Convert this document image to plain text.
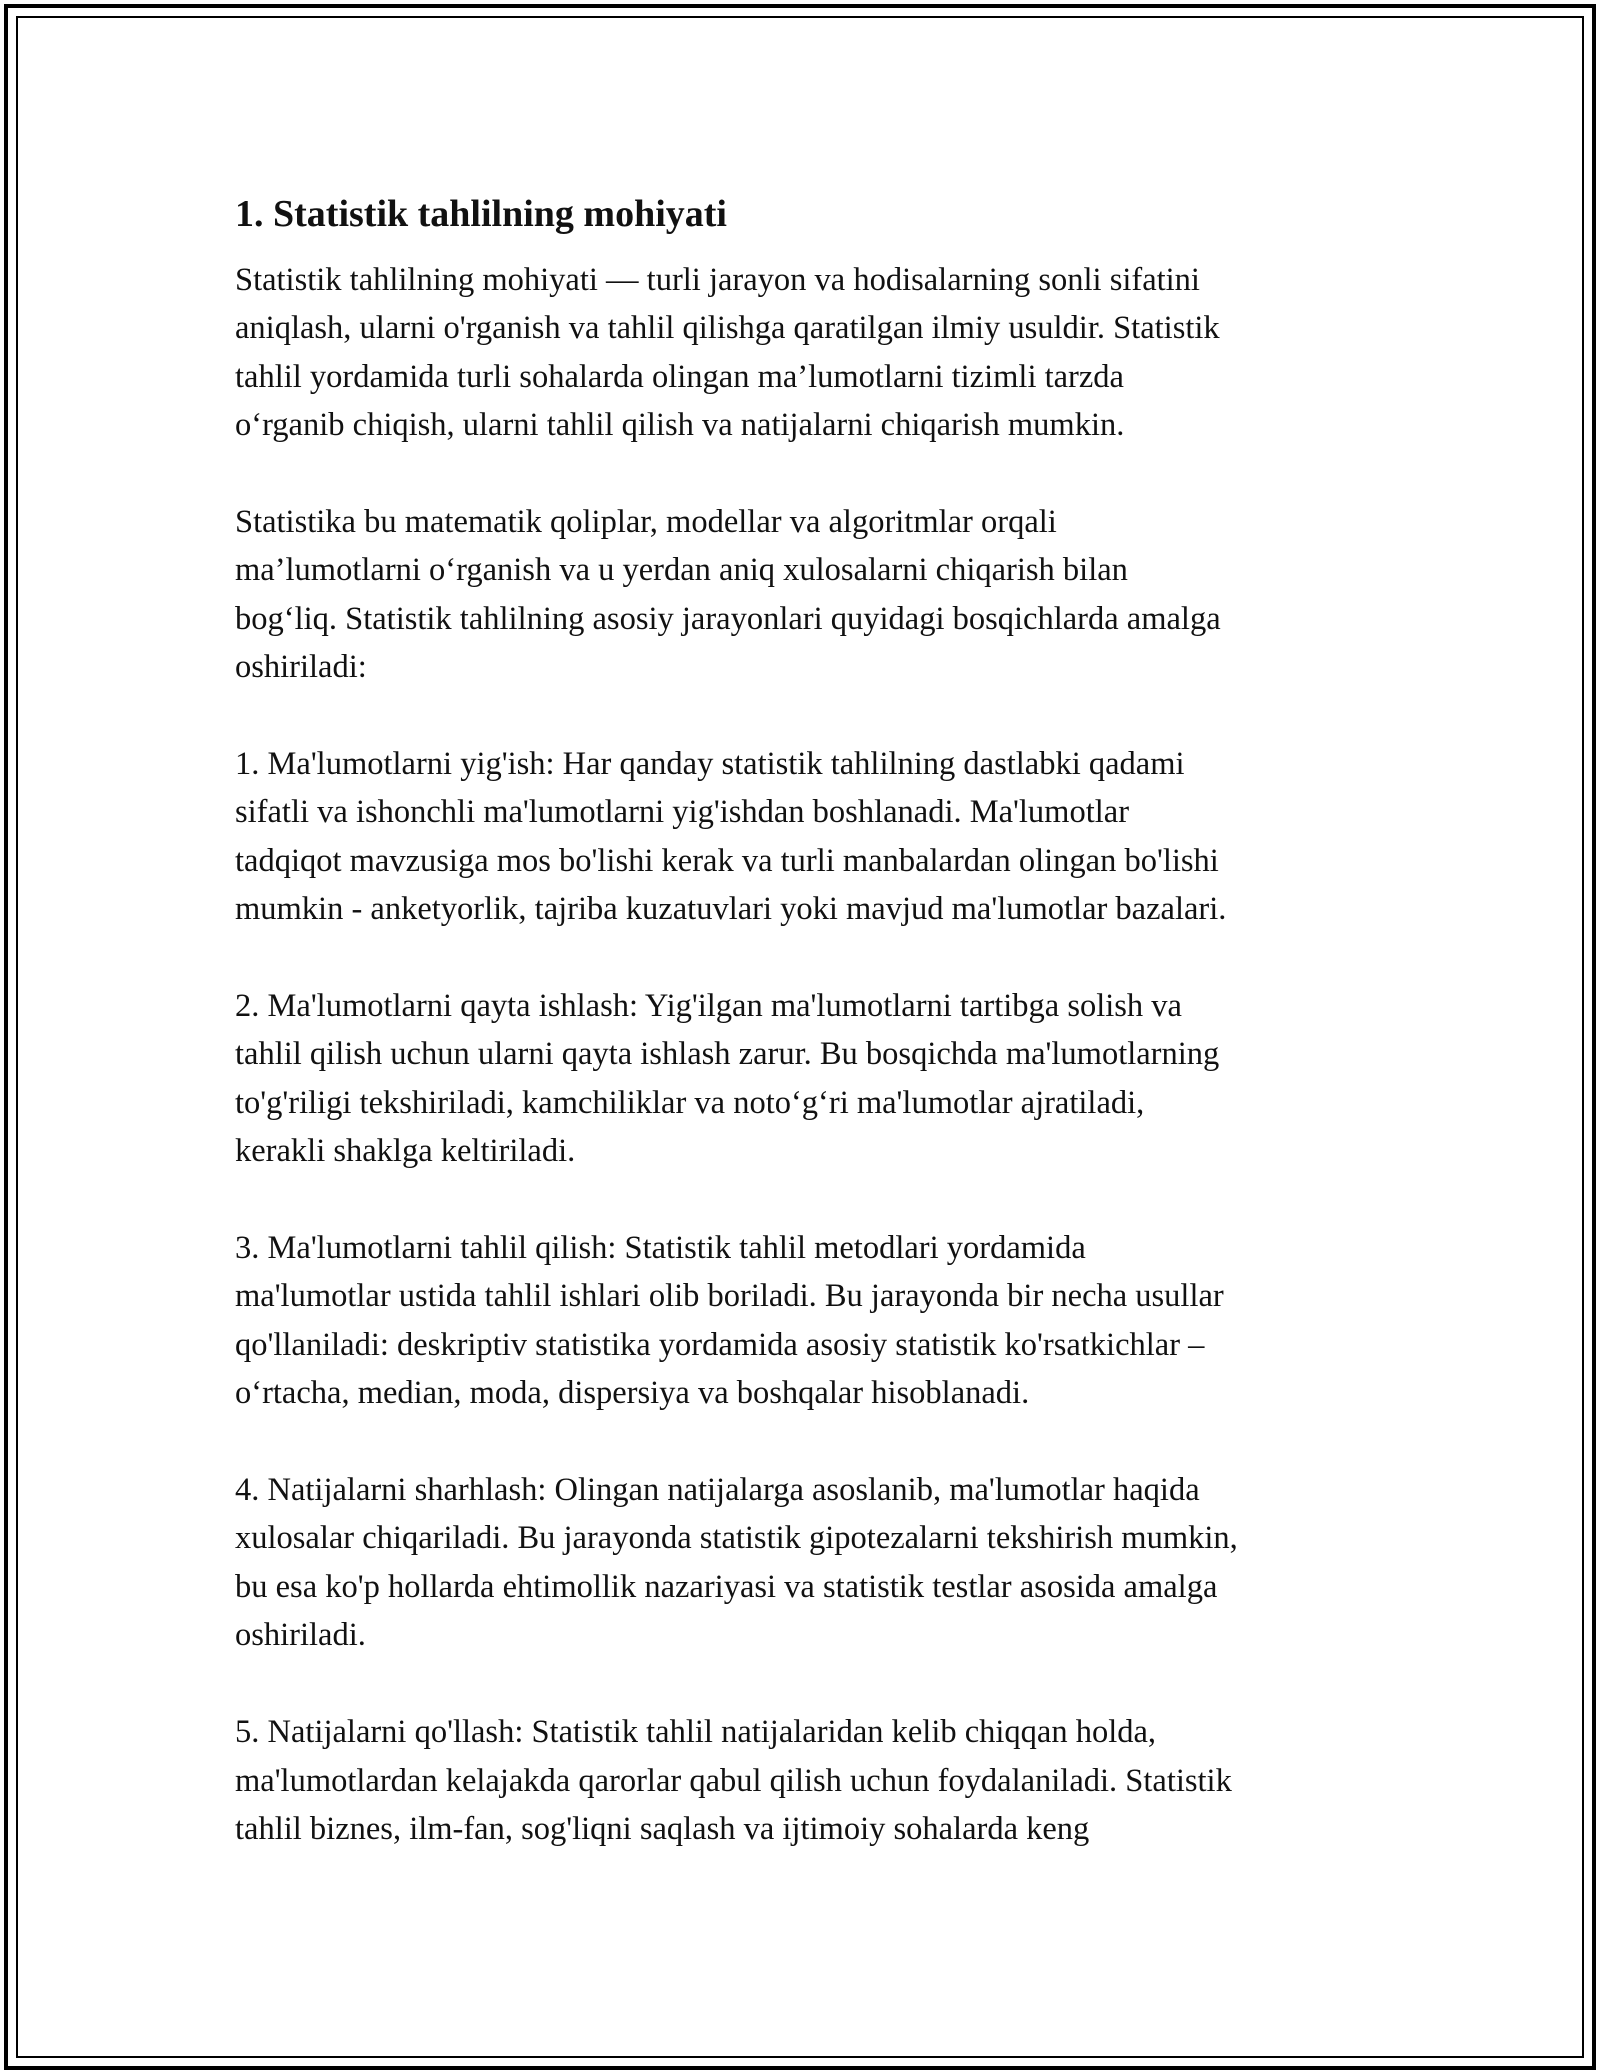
1. Statistik tahlilning mohiyati

Statistik tahlilning mohiyati — turli jarayon va hodisalarning sonli sifatini
aniqlash, ularni o'rganish va tahlil qilishga qaratilgan ilmiy usuldir. Statistik
tahlil yordamida turli sohalarda olingan ma’lumotlarni tizimli tarzda
o‘rganib chiqish, ularni tahlil qilish va natijalarni chiqarish mumkin.

Statistika bu matematik qoliplar, modellar va algoritmlar orqali
ma’lumotlarni o‘rganish va u yerdan aniq xulosalarni chiqarish bilan
bog‘liq. Statistik tahlilning asosiy jarayonlari quyidagi bosqichlarda amalga
oshiriladi:

1. Ma'lumotlarni yig'ish: Har qanday statistik tahlilning dastlabki qadami
sifatli va ishonchli ma'lumotlarni yig'ishdan boshlanadi. Ma'lumotlar
tadqiqot mavzusiga mos bo'lishi kerak va turli manbalardan olingan bo'lishi
mumkin - anketyorlik, tajriba kuzatuvlari yoki mavjud ma'lumotlar bazalari.

2. Ma'lumotlarni qayta ishlash: Yig'ilgan ma'lumotlarni tartibga solish va
tahlil qilish uchun ularni qayta ishlash zarur. Bu bosqichda ma'lumotlarning
to'g'riligi tekshiriladi, kamchiliklar va noto‘g‘ri ma'lumotlar ajratiladi,
kerakli shaklga keltiriladi.

3. Ma'lumotlarni tahlil qilish: Statistik tahlil metodlari yordamida
ma'lumotlar ustida tahlil ishlari olib boriladi. Bu jarayonda bir necha usullar
qo'llaniladi: deskriptiv statistika yordamida asosiy statistik ko'rsatkichlar –
o‘rtacha, median, moda, dispersiya va boshqalar hisoblanadi.

4. Natijalarni sharhlash: Olingan natijalarga asoslanib, ma'lumotlar haqida
xulosalar chiqariladi. Bu jarayonda statistik gipotezalarni tekshirish mumkin,
bu esa ko'p hollarda ehtimollik nazariyasi va statistik testlar asosida amalga
oshiriladi.

5. Natijalarni qo'llash: Statistik tahlil natijalaridan kelib chiqqan holda,
ma'lumotlardan kelajakda qarorlar qabul qilish uchun foydalaniladi. Statistik
tahlil biznes, ilm-fan, sog'liqni saqlash va ijtimoiy sohalarda keng
